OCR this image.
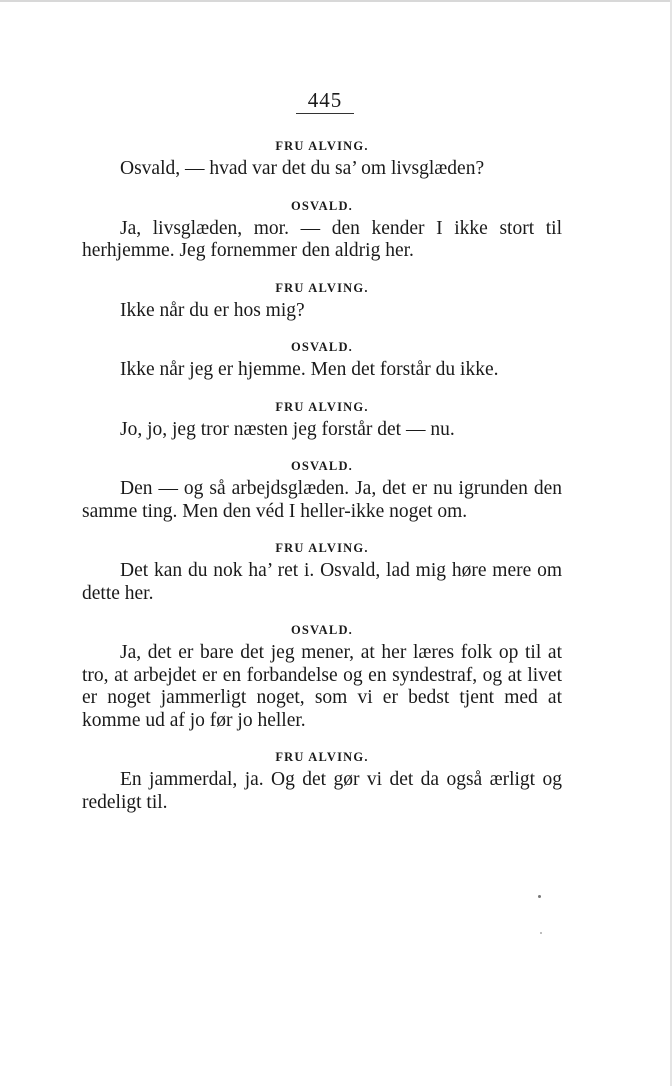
445

FRU ALVING.

Osvald, — hvad var det du sa’ om livsglæden?

OSVALD.

Ja, livsglæden, mor. — den kender I ikke stort til herhjemme. Jeg fornemmer den aldrig her.

FRU ALVING.

Ikke når du er hos mig?

OSVALD.

Ikke når jeg er hjemme. Men det forstår du ikke.

FRU ALVING.

Jo, jo, jeg tror næsten jeg forstår det — nu.

OSVALD.

Den — og så arbejdsglæden. Ja, det er nu igrunden den samme ting. Men den véd I heller-ikke noget om.

FRU ALVING.

Det kan du nok ha’ ret i. Osvald, lad mig høre mere om dette her.

OSVALD.

Ja, det er bare det jeg mener, at her læres folk op til at tro, at arbejdet er en forbandelse og en syndestraf, og at livet er noget jammerligt noget, som vi er bedst tjent med at komme ud af jo før jo heller.

FRU ALVING.

En jammerdal, ja. Og det gør vi det da også ærligt og redeligt til.
